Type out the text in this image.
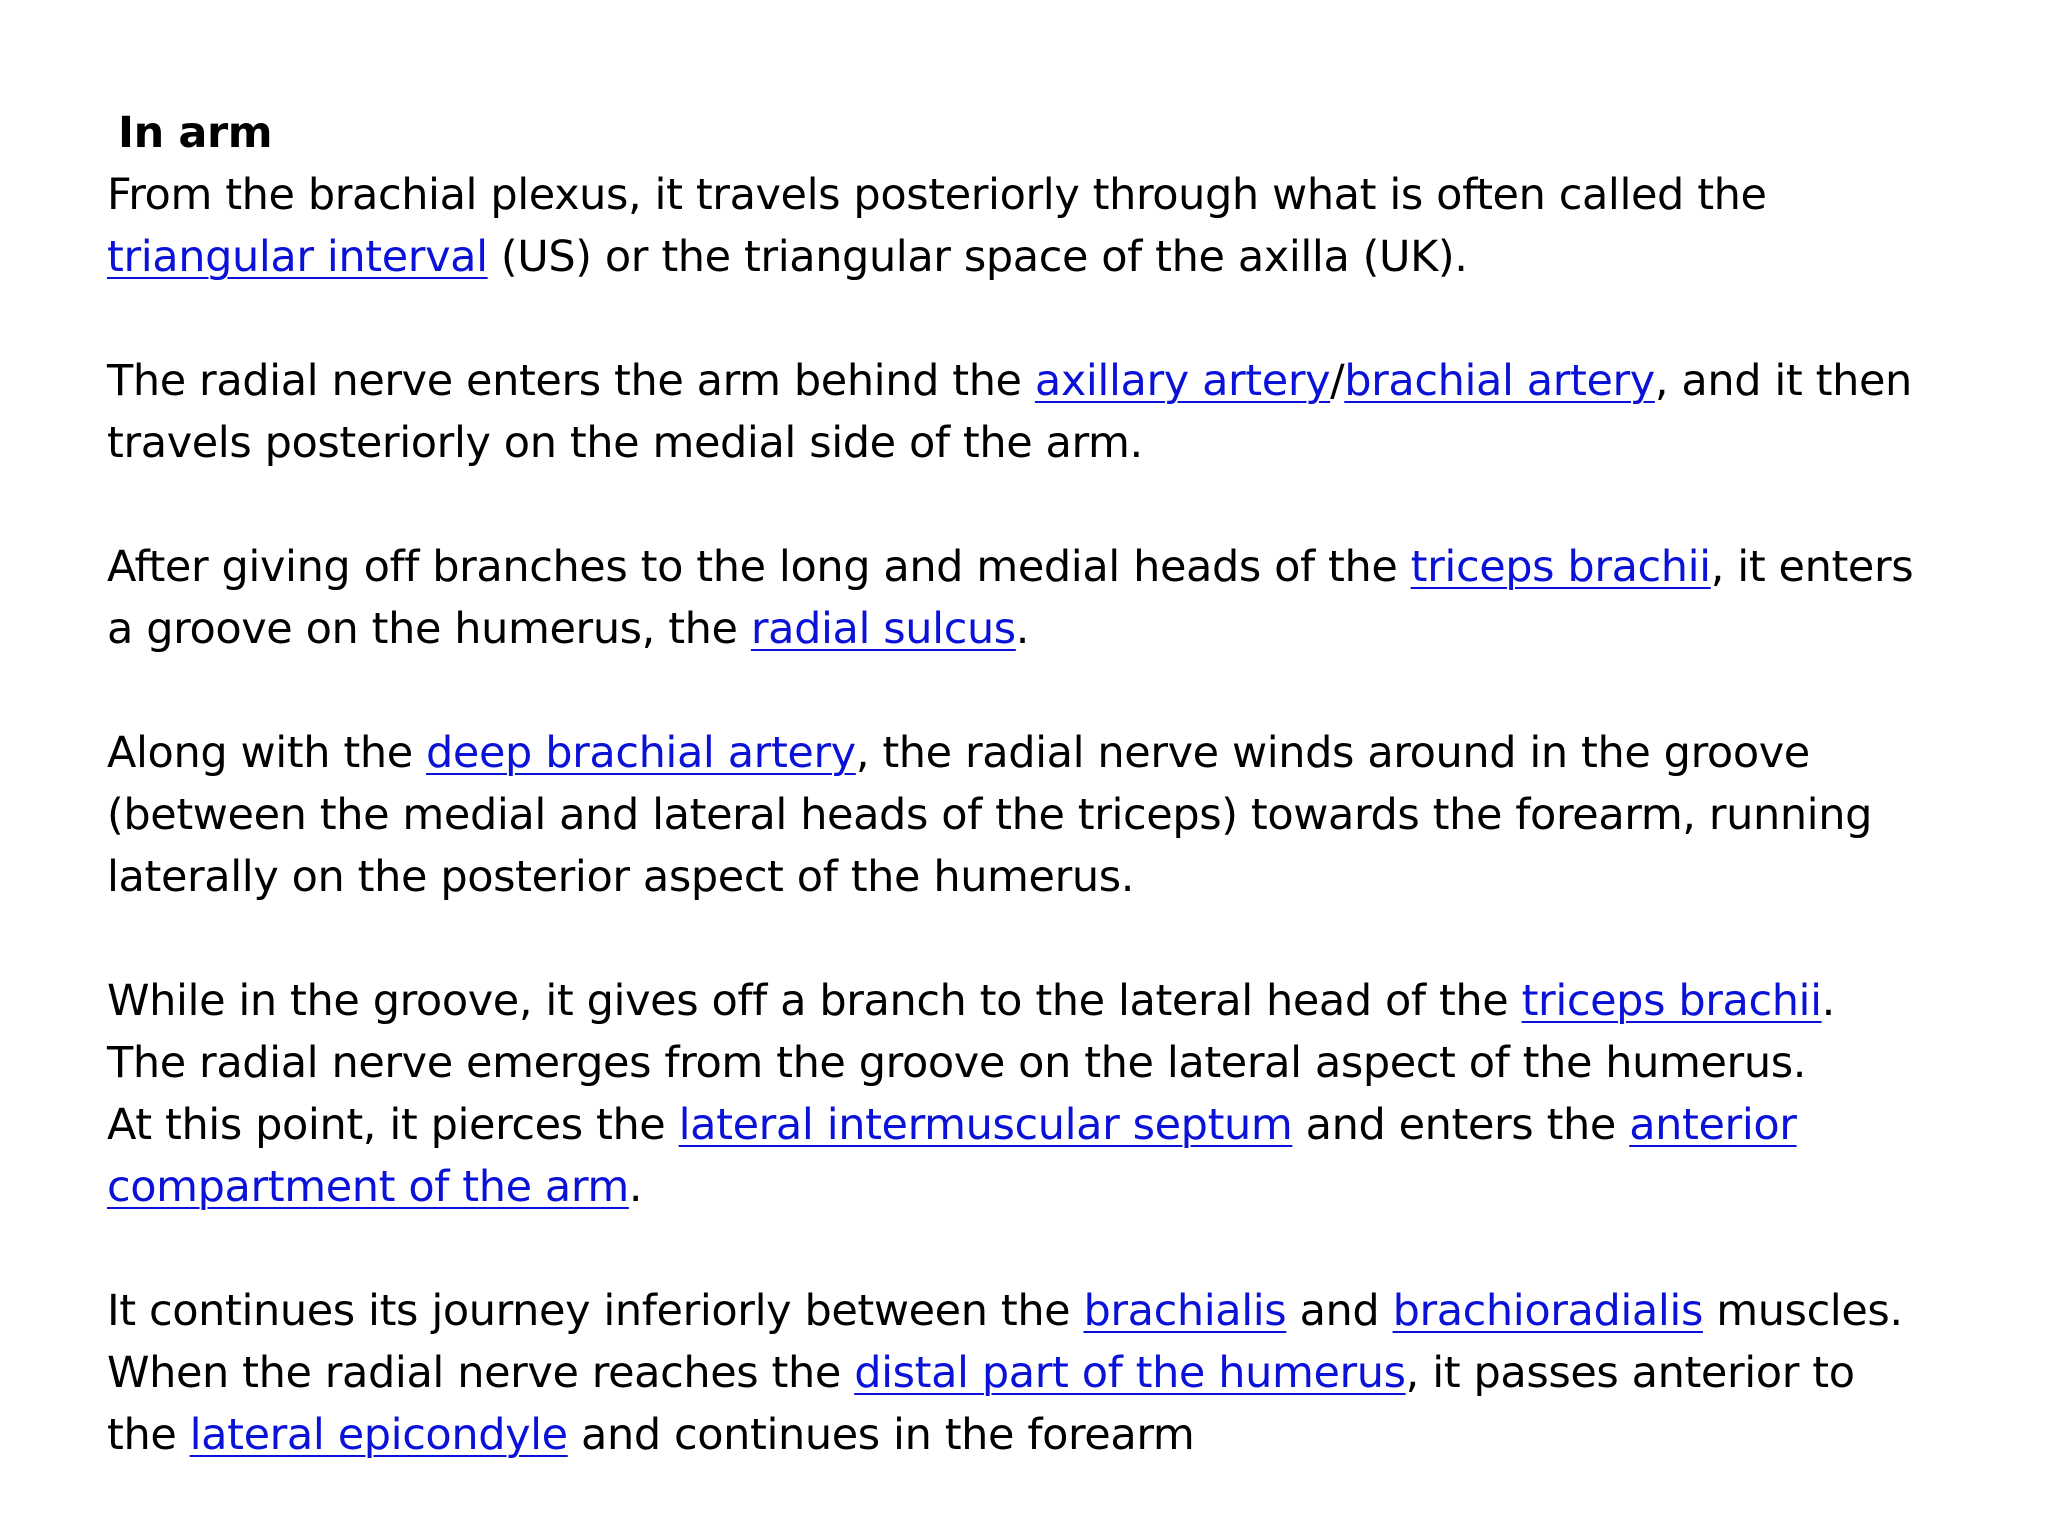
In arm
From the brachial plexus, it travels posteriorly through what is often called the
triangular interval (US) or the triangular space of the axilla (UK).
The radial nerve enters the arm behind the axillary artery/brachial artery, and it then
travels posteriorly on the medial side of the arm.
After giving off branches to the long and medial heads of the triceps brachii, it enters
a groove on the humerus, the radial sulcus.
Along with the deep brachial artery, the radial nerve winds around in the groove
(between the medial and lateral heads of the triceps) towards the forearm, running
laterally on the posterior aspect of the humerus.
While in the groove, it gives off a branch to the lateral head of the triceps brachii.
The radial nerve emerges from the groove on the lateral aspect of the humerus.
At this point, it pierces the lateral intermuscular septum and enters the anterior
compartment of the arm.
It continues its journey inferiorly between the brachialis and brachioradialis muscles.
When the radial nerve reaches the distal part of the humerus, it passes anterior to
the lateral epicondyle and continues in the forearm
